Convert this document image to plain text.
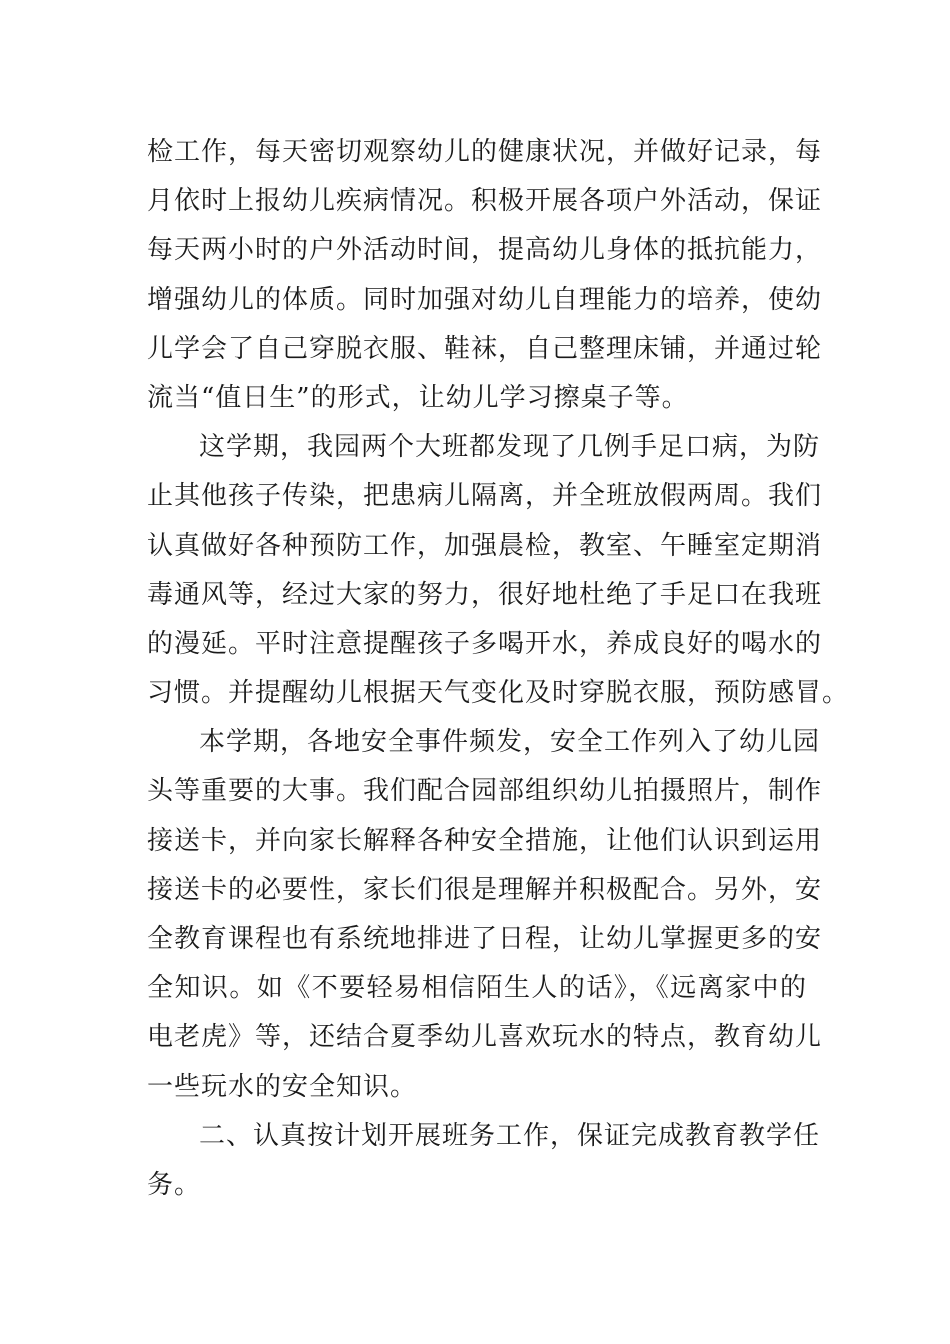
检工作，每天密切观察幼儿的健康状况，并做好记录，每
月依时上报幼儿疾病情况。积极开展各项户外活动，保证
每天两小时的户外活动时间，提高幼儿身体的抵抗能力，
增强幼儿的体质。同时加强对幼儿自理能力的培养，使幼
儿学会了自己穿脱衣服、鞋袜，自己整理床铺，并通过轮
流当“值日生”的形式，让幼儿学习擦桌子等。
这学期，我园两个大班都发现了几例手足口病，为防
止其他孩子传染，把患病儿隔离，并全班放假两周。我们
认真做好各种预防工作，加强晨检，教室、午睡室定期消
毒通风等，经过大家的努力，很好地杜绝了手足口在我班
的漫延。平时注意提醒孩子多喝开水，养成良好的喝水的
习惯。并提醒幼儿根据天气变化及时穿脱衣服，预防感冒。
本学期，各地安全事件频发，安全工作列入了幼儿园
头等重要的大事。我们配合园部组织幼儿拍摄照片，制作
接送卡，并向家长解释各种安全措施，让他们认识到运用
接送卡的必要性，家长们很是理解并积极配合。另外，安
全教育课程也有系统地排进了日程，让幼儿掌握更多的安
全知识。如《不要轻易相信陌生人的话》，《远离家中的
电老虎》等，还结合夏季幼儿喜欢玩水的特点，教育幼儿
一些玩水的安全知识。
二、认真按计划开展班务工作，保证完成教育教学任
务。
